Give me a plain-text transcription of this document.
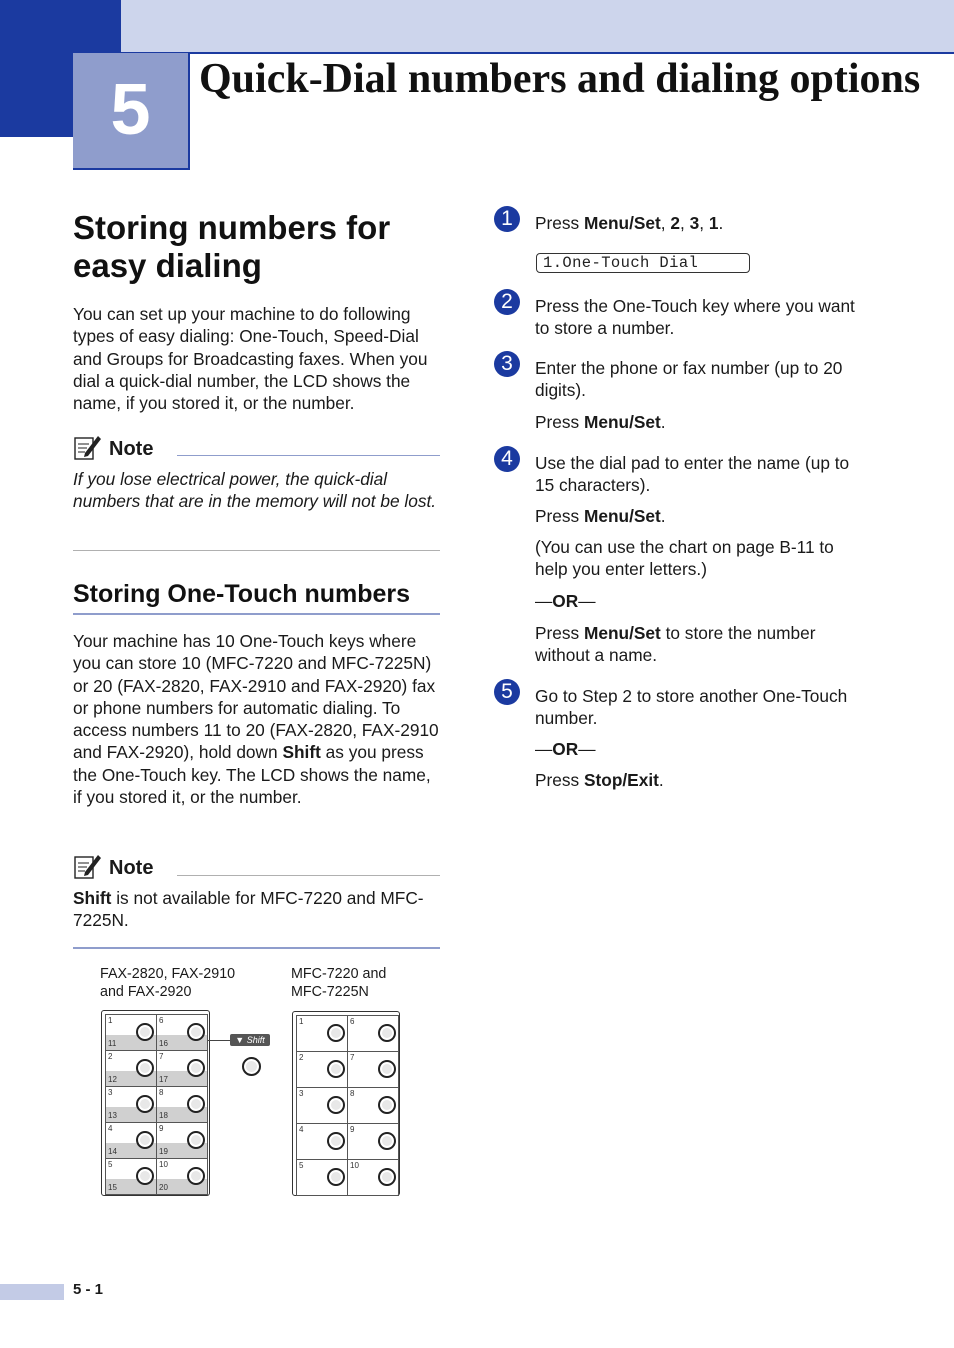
5	Quick-Dial numbers and dialing options
Storing numbers for easy dialing

You can set up your machine to do following types of easy dialing: One-Touch, Speed-Dial and Groups for Broadcasting faxes. When you dial a quick-dial number, the LCD shows the name, if you stored it, or the number.

Note

If you lose electrical power, the quick-dial numbers that are in the memory will not be lost.

Storing One-Touch numbers

Your machine has 10 One-Touch keys where you can store 10 (MFC-7220 and MFC-7225N) or 20 (FAX-2820, FAX-2910 and FAX-2920) fax or phone numbers for automatic dialing. To access numbers 11 to 20 (FAX-2820, FAX-2910 and FAX-2920), hold down Shift as you press the One-Touch key. The LCD shows the name, if you stored it, or the number.

Note

Shift is not available for MFC-7220 and MFC-7225N.

FAX-2820, FAX-2910
and FAX-2920
MFC-7220 and
MFC-7225N
1
11
6
16
2
12
7
17
3
13
8
18
4
14
9
19
5
15
10
20
1	6
2	7
3	8
4	9
5	10
▼ Shift
1	Press Menu/Set, 2, 3, 1.

1.One-Touch Dial
2	Press the One-Touch key where you want to store a number.

3	Enter the phone or fax number (up to 20 digits).

Press Menu/Set.

4	Use the dial pad to enter the name (up to 15 characters).

Press Menu/Set.

(You can use the chart on page B-11 to help you enter letters.)

—OR—

Press Menu/Set to store the number without a name.

5	Go to Step 2 to store another One-Touch number.

—OR—

Press Stop/Exit.

5 - 1
